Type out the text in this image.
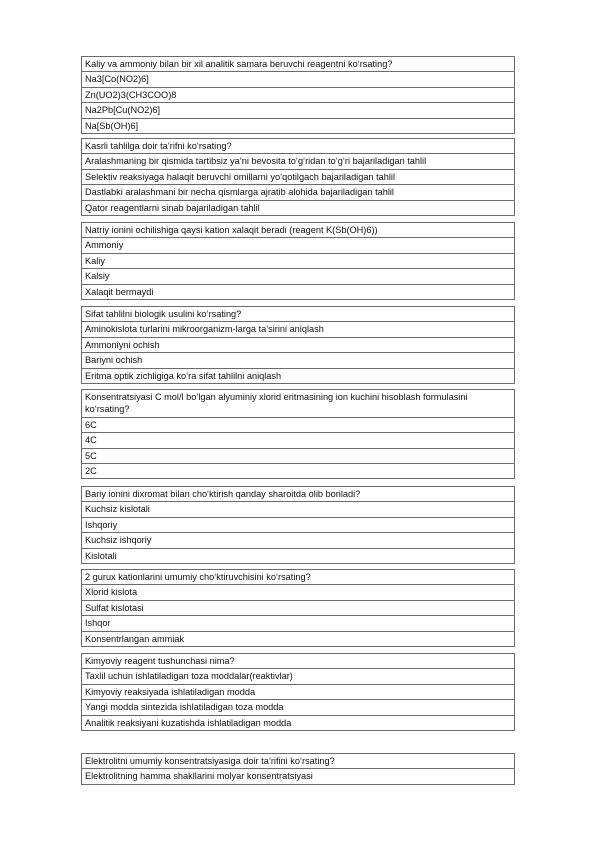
Kaliy va ammoniy bilan bir xil analitik samara beruvchi reagentni ko‘rsating?
Na3[Co(NO2)6]
Zn(UO2)3(CH3COO)8
Na2Pb[Cu(NO2)6]
Na[Sb(OH)6]
Kasrli tahlilga doir ta’rifni ko‘rsating?
Aralashmaning bir qismida tartibsiz ya’ni bevosita to‘g‘ridan to‘g‘ri bajariladigan tahlil
Selektiv reaksiyaga halaqit beruvchi omillarni yo‘qotilgach bajariladigan tahlil
Dastlabki aralashmani bir necha qismlarga ajratib alohida bajariladigan tahlil
Qator reagentlarni sinab bajariladigan tahlil
Natriy ionini ochilishiga qaysi kation xalaqit beradi (reagent K(Sb(OH)6))
Ammoniy
Kaliy
Kalsiy
Xalaqit bermaydi
Sifat tahlilni biologik usulini ko‘rsating?
Aminokislota turlarini mikroorganizm-larga ta’sirini aniqlash
Ammoniyni ochish
Bariyni ochish
Eritma optik zichligiga ko‘ra sifat tahlilni aniqlash
Konsentratsiyasi C mol/l bo‘lgan alyuminiy xlorid eritmasining ion kuchini hisoblash formulasini ko‘rsating?
6C
4C
5C
2C
Bariy ionini dixromat bilan cho‘ktirish qanday sharoitda olib boriladi?
Kuchsiz kislotali
Ishqoriy
Kuchsiz ishqoriy
Kislotali
2 gurux kationlarini umumiy cho‘ktiruvchisini ko‘rsating?
Xlorid kislota
Sulfat kislotasi
Ishqor
Konsentrlangan ammiak
Kimyoviy reagent tushunchasi nima?
Taxlil uchun ishlatiladigan toza moddalar(reaktivlar)
Kimyoviy reaksiyada ishlatiladigan modda
Yangi modda sintezida ishlatiladigan toza modda
Analitik reaksiyani kuzatishda ishlatiladigan modda
Elektrolitni umumiy konsentratsiyasiga doir ta’rifini ko‘rsating?
Elektrolitning hamma shakllarini molyar konsentratsiyasi
